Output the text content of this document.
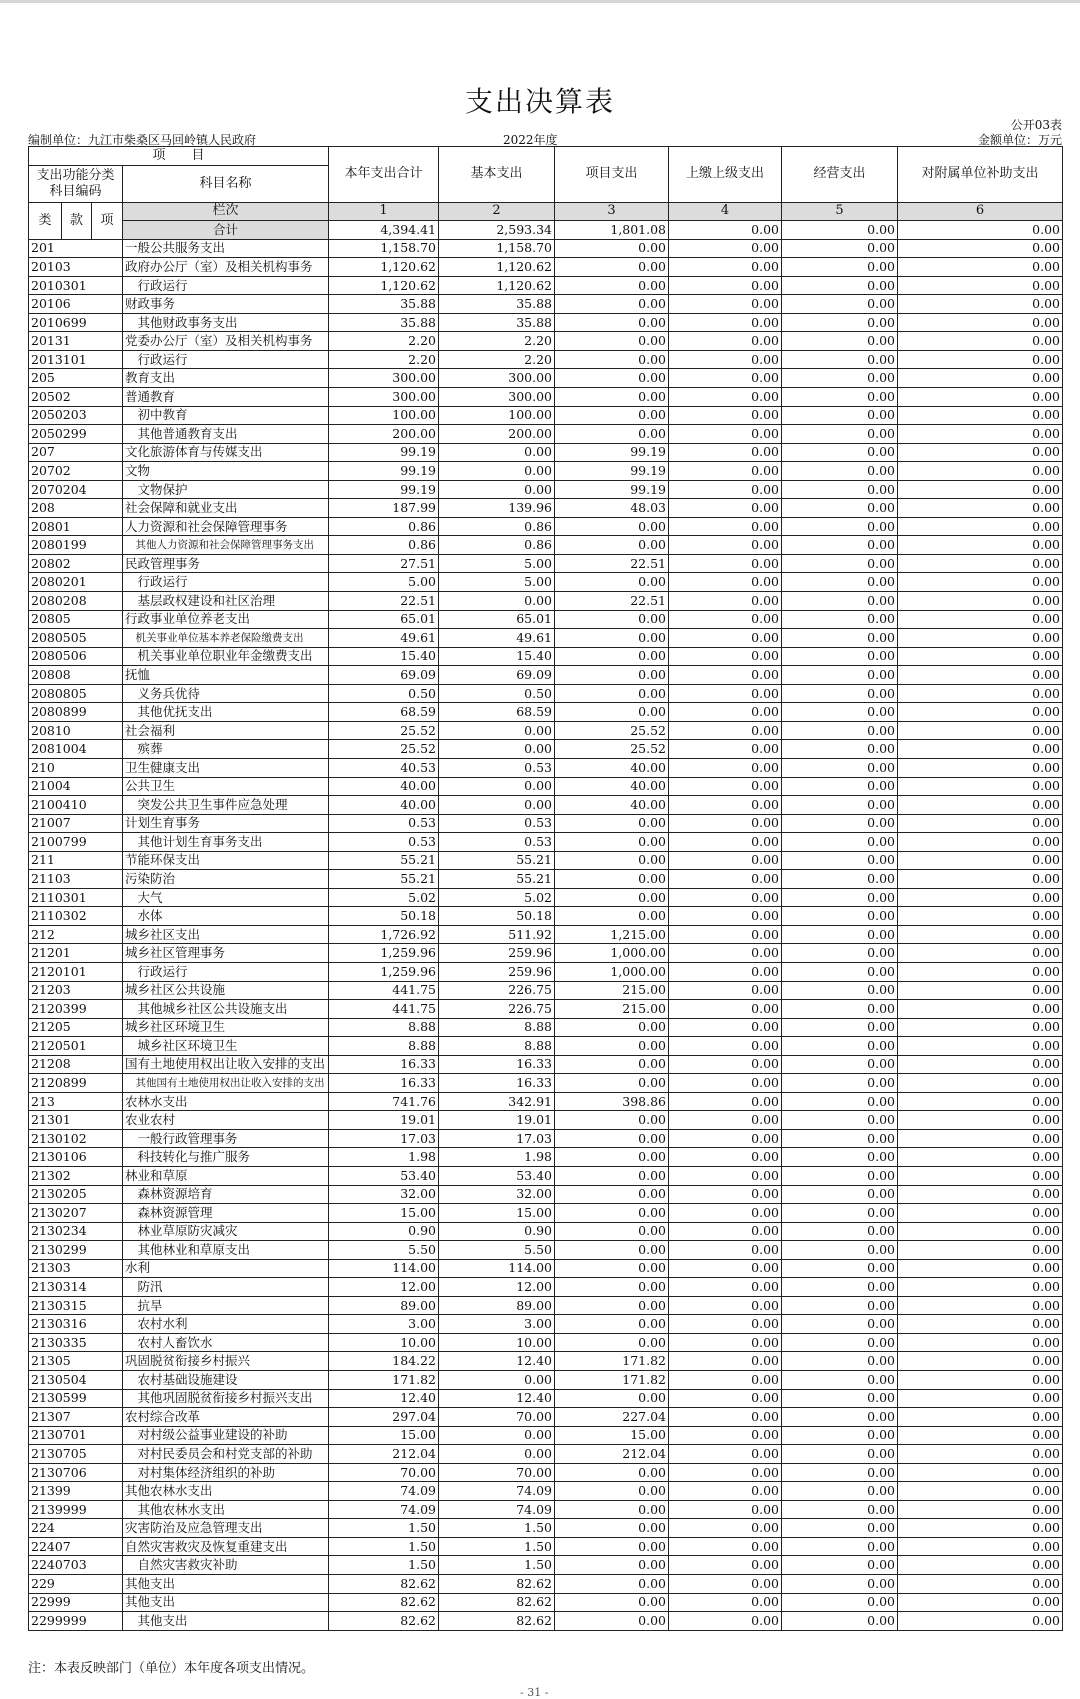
支出决算表
公开03表
编制单位：九江市柴桑区马回岭镇人民政府	2022年度	金额单位：万元
项　　目				本年支出合计	基本支出	项目支出	上缴上级支出	经营支出	对附属单位补助支出
支出功能分类科目编码			科目名称						

类	款	项	栏次	1	2	3	4	5	6
			合计	4,394.41	2,593.34	1,801.08	0.00	0.00	0.00
201			一般公共服务支出	1,158.70	1,158.70	0.00	0.00	0.00	0.00
20103			政府办公厅（室）及相关机构事务	1,120.62	1,120.62	0.00	0.00	0.00	0.00
2010301			　行政运行	1,120.62	1,120.62	0.00	0.00	0.00	0.00
20106			财政事务	35.88	35.88	0.00	0.00	0.00	0.00
2010699			　其他财政事务支出	35.88	35.88	0.00	0.00	0.00	0.00
20131			党委办公厅（室）及相关机构事务	2.20	2.20	0.00	0.00	0.00	0.00
2013101			　行政运行	2.20	2.20	0.00	0.00	0.00	0.00
205			教育支出	300.00	300.00	0.00	0.00	0.00	0.00
20502			普通教育	300.00	300.00	0.00	0.00	0.00	0.00
2050203			　初中教育	100.00	100.00	0.00	0.00	0.00	0.00
2050299			　其他普通教育支出	200.00	200.00	0.00	0.00	0.00	0.00
207			文化旅游体育与传媒支出	99.19	0.00	99.19	0.00	0.00	0.00
20702			文物	99.19	0.00	99.19	0.00	0.00	0.00
2070204			　文物保护	99.19	0.00	99.19	0.00	0.00	0.00
208			社会保障和就业支出	187.99	139.96	48.03	0.00	0.00	0.00
20801			人力资源和社会保障管理事务	0.86	0.86	0.00	0.00	0.00	0.00
2080199			　其他人力资源和社会保障管理事务支出	0.86	0.86	0.00	0.00	0.00	0.00
20802			民政管理事务	27.51	5.00	22.51	0.00	0.00	0.00
2080201			　行政运行	5.00	5.00	0.00	0.00	0.00	0.00
2080208			　基层政权建设和社区治理	22.51	0.00	22.51	0.00	0.00	0.00
20805			行政事业单位养老支出	65.01	65.01	0.00	0.00	0.00	0.00
2080505			　机关事业单位基本养老保险缴费支出	49.61	49.61	0.00	0.00	0.00	0.00
2080506			　机关事业单位职业年金缴费支出	15.40	15.40	0.00	0.00	0.00	0.00
20808			抚恤	69.09	69.09	0.00	0.00	0.00	0.00
2080805			　义务兵优待	0.50	0.50	0.00	0.00	0.00	0.00
2080899			　其他优抚支出	68.59	68.59	0.00	0.00	0.00	0.00
20810			社会福利	25.52	0.00	25.52	0.00	0.00	0.00
2081004			　殡葬	25.52	0.00	25.52	0.00	0.00	0.00
210			卫生健康支出	40.53	0.53	40.00	0.00	0.00	0.00
21004			公共卫生	40.00	0.00	40.00	0.00	0.00	0.00
2100410			　突发公共卫生事件应急处理	40.00	0.00	40.00	0.00	0.00	0.00
21007			计划生育事务	0.53	0.53	0.00	0.00	0.00	0.00
2100799			　其他计划生育事务支出	0.53	0.53	0.00	0.00	0.00	0.00
211			节能环保支出	55.21	55.21	0.00	0.00	0.00	0.00
21103			污染防治	55.21	55.21	0.00	0.00	0.00	0.00
2110301			　大气	5.02	5.02	0.00	0.00	0.00	0.00
2110302			　水体	50.18	50.18	0.00	0.00	0.00	0.00
212			城乡社区支出	1,726.92	511.92	1,215.00	0.00	0.00	0.00
21201			城乡社区管理事务	1,259.96	259.96	1,000.00	0.00	0.00	0.00
2120101			　行政运行	1,259.96	259.96	1,000.00	0.00	0.00	0.00
21203			城乡社区公共设施	441.75	226.75	215.00	0.00	0.00	0.00
2120399			　其他城乡社区公共设施支出	441.75	226.75	215.00	0.00	0.00	0.00
21205			城乡社区环境卫生	8.88	8.88	0.00	0.00	0.00	0.00
2120501			　城乡社区环境卫生	8.88	8.88	0.00	0.00	0.00	0.00
21208			国有土地使用权出让收入安排的支出	16.33	16.33	0.00	0.00	0.00	0.00
2120899			　其他国有土地使用权出让收入安排的支出	16.33	16.33	0.00	0.00	0.00	0.00
213			农林水支出	741.76	342.91	398.86	0.00	0.00	0.00
21301			农业农村	19.01	19.01	0.00	0.00	0.00	0.00
2130102			　一般行政管理事务	17.03	17.03	0.00	0.00	0.00	0.00
2130106			　科技转化与推广服务	1.98	1.98	0.00	0.00	0.00	0.00
21302			林业和草原	53.40	53.40	0.00	0.00	0.00	0.00
2130205			　森林资源培育	32.00	32.00	0.00	0.00	0.00	0.00
2130207			　森林资源管理	15.00	15.00	0.00	0.00	0.00	0.00
2130234			　林业草原防灾减灾	0.90	0.90	0.00	0.00	0.00	0.00
2130299			　其他林业和草原支出	5.50	5.50	0.00	0.00	0.00	0.00
21303			水利	114.00	114.00	0.00	0.00	0.00	0.00
2130314			　防汛	12.00	12.00	0.00	0.00	0.00	0.00
2130315			　抗旱	89.00	89.00	0.00	0.00	0.00	0.00
2130316			　农村水利	3.00	3.00	0.00	0.00	0.00	0.00
2130335			　农村人畜饮水	10.00	10.00	0.00	0.00	0.00	0.00
21305			巩固脱贫衔接乡村振兴	184.22	12.40	171.82	0.00	0.00	0.00
2130504			　农村基础设施建设	171.82	0.00	171.82	0.00	0.00	0.00
2130599			　其他巩固脱贫衔接乡村振兴支出	12.40	12.40	0.00	0.00	0.00	0.00
21307			农村综合改革	297.04	70.00	227.04	0.00	0.00	0.00
2130701			　对村级公益事业建设的补助	15.00	0.00	15.00	0.00	0.00	0.00
2130705			　对村民委员会和村党支部的补助	212.04	0.00	212.04	0.00	0.00	0.00
2130706			　对村集体经济组织的补助	70.00	70.00	0.00	0.00	0.00	0.00
21399			其他农林水支出	74.09	74.09	0.00	0.00	0.00	0.00
2139999			　其他农林水支出	74.09	74.09	0.00	0.00	0.00	0.00
224			灾害防治及应急管理支出	1.50	1.50	0.00	0.00	0.00	0.00
22407			自然灾害救灾及恢复重建支出	1.50	1.50	0.00	0.00	0.00	0.00
2240703			　自然灾害救灾补助	1.50	1.50	0.00	0.00	0.00	0.00
229			其他支出	82.62	82.62	0.00	0.00	0.00	0.00
22999			其他支出	82.62	82.62	0.00	0.00	0.00	0.00
2299999			　其他支出	82.62	82.62	0.00	0.00	0.00	0.00
注：本表反映部门（单位）本年度各项支出情况。
- 31 -
